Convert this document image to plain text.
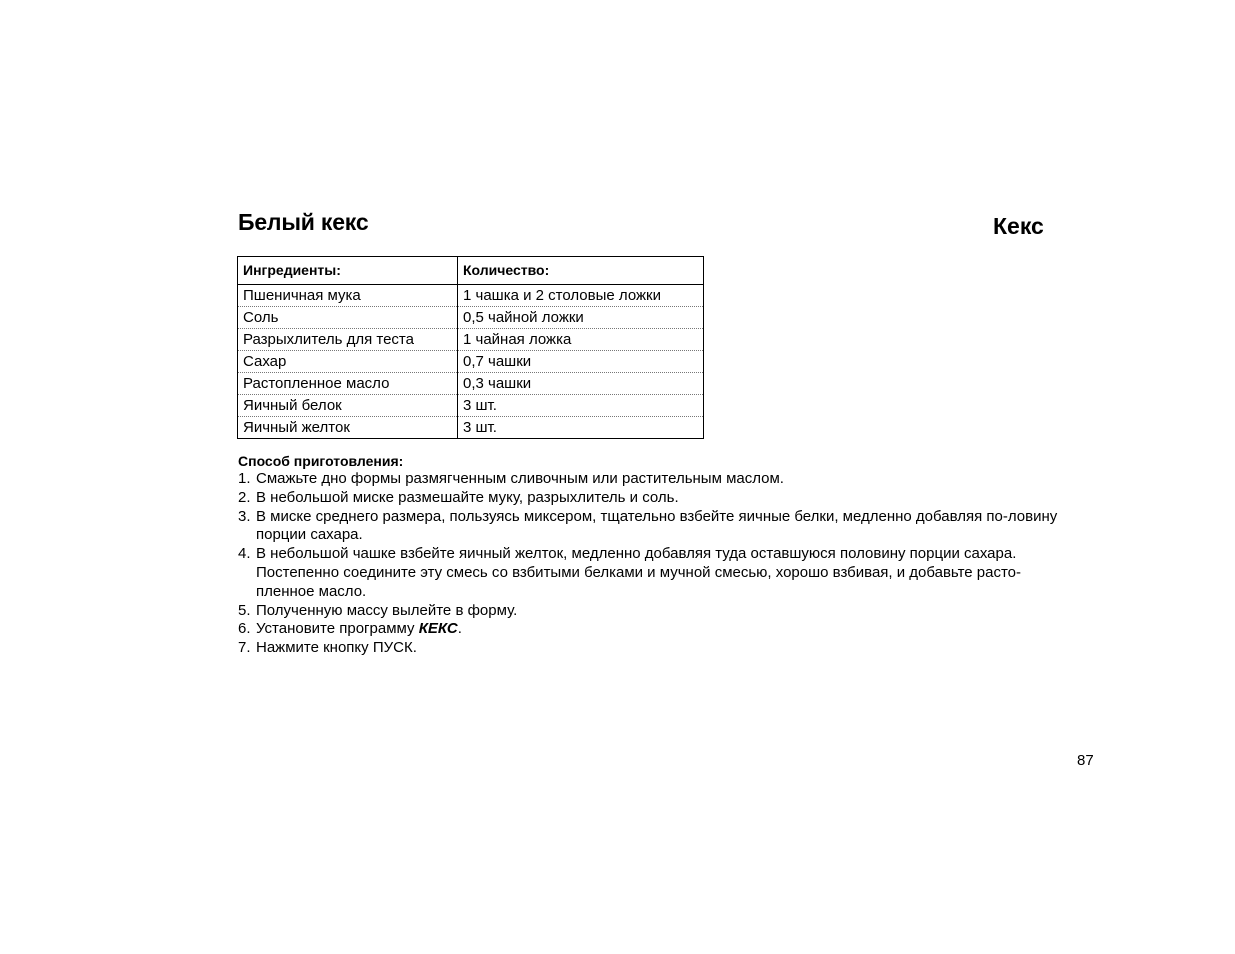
Белый кекс	Кекс
Ингредиенты:	Количество:
Пшеничная мука	1 чашка и 2 столовые ложки
Соль	0,5 чайной ложки
Разрыхлитель для теста	1 чайная ложка
Сахар	0,7 чашки
Растопленное масло	0,3 чашки
Яичный белок	3 шт.
Яичный желток	3 шт.
Способ приготовления:
1. Смажьте дно формы размягченным сливочным или растительным маслом.
2. В небольшой миске размешайте муку, разрыхлитель и соль.
3. В миске среднего размера, пользуясь миксером, тщательно взбейте яичные белки, медленно добавляя по-ловину порции сахара.
4. В небольшой чашке взбейте яичный желток, медленно добавляя туда оставшуюся половину порции сахара. Постепенно соедините эту смесь со взбитыми белками и мучной смесью, хорошо взбивая, и добавьте расто-пленное масло.
5. Полученную массу вылейте в форму.
6. Установите программу КЕКС.
7. Нажмите кнопку ПУСК.
87
